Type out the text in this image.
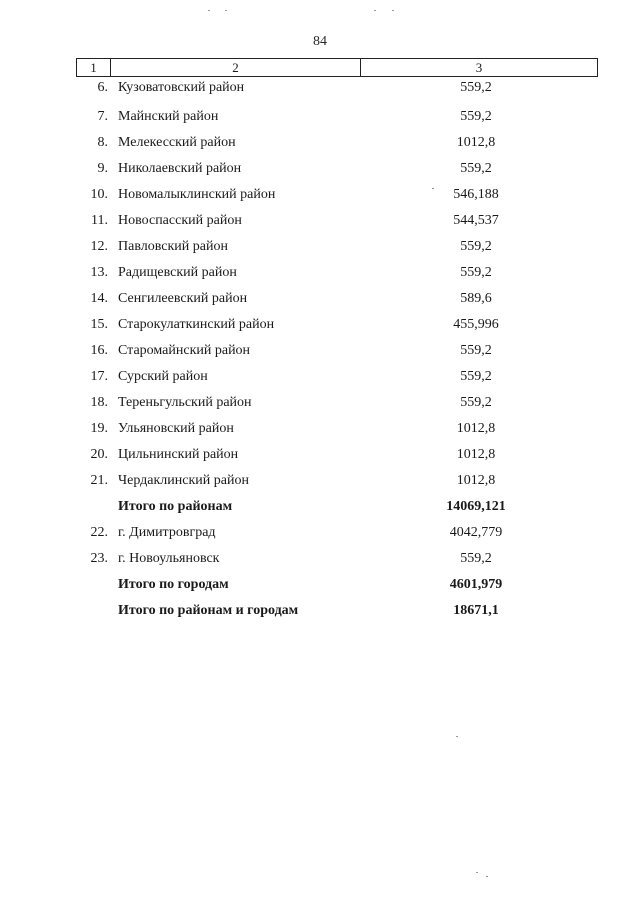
84
1	2	3
6. Кузоватовский район	559,2
7. Майнский район	559,2
8. Мелекесский район	1012,8
9. Николаевский район	559,2
10. Новомалыклинский район	546,188
11. Новоспасский район	544,537
12. Павловский район	559,2
13. Радищевский район	559,2
14. Сенгилеевский район	589,6
15. Старокулаткинский район	455,996
16. Старомайнский район	559,2
17. Сурский район	559,2
18. Тереньгульский район	559,2
19. Ульяновский район	1012,8
20. Цильнинский район	1012,8
21. Чердаклинский район	1012,8
Итого по районам	14069,121
22. г. Димитровград	4042,779
23. г. Новоульяновск	559,2
Итого по городам	4601,979
Итого по районам и городам	18671,1
